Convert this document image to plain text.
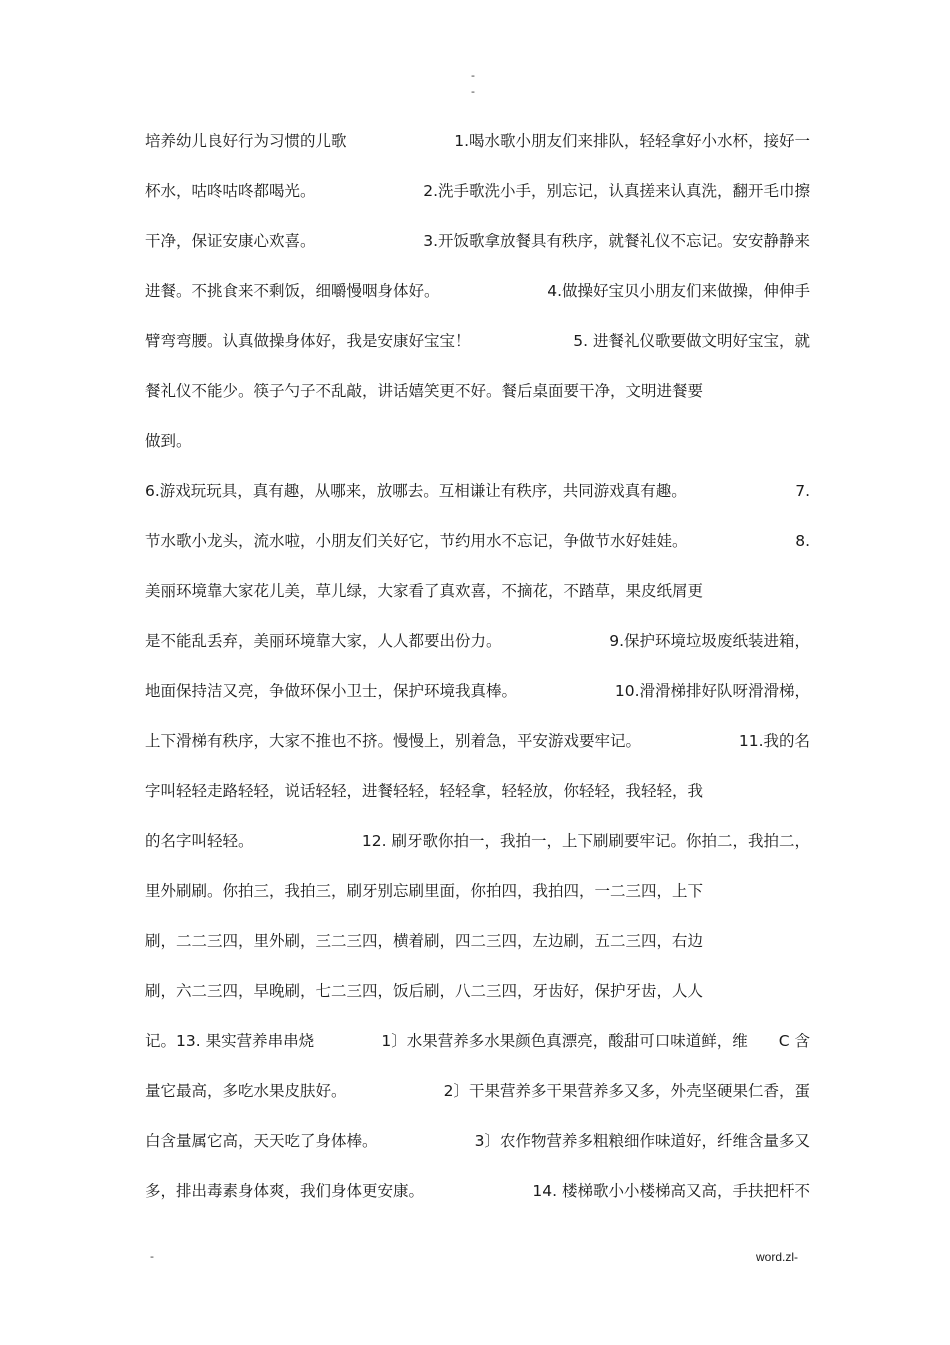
-
-
培养幼儿良好行为习惯的儿歌	1.喝水歌小朋友们来排队，轻轻拿好小水杯，接好一
杯水，咕咚咕咚都喝光。	2.洗手歌洗小手，别忘记，认真搓来认真洗，翻开毛巾擦
干净，保证安康心欢喜。	3.开饭歌拿放餐具有秩序，就餐礼仪不忘记。安安静静来
进餐。不挑食来不剩饭，细嚼慢咽身体好。	4.做操好宝贝小朋友们来做操，伸伸手
臂弯弯腰。认真做操身体好，我是安康好宝宝！	5. 进餐礼仪歌要做文明好宝宝，就
餐礼仪不能少。筷子勺子不乱敲，讲话嬉笑更不好。餐后桌面要干净，文明进餐要
做到。
6.游戏玩玩具，真有趣，从哪来，放哪去。互相谦让有秩序，共同游戏真有趣。	7.
节水歌小龙头，流水啦，小朋友们关好它，节约用水不忘记，争做节水好娃娃。	8.
美丽环境靠大家花儿美，草儿绿，大家看了真欢喜，不摘花，不踏草，果皮纸屑更
是不能乱丢弃，美丽环境靠大家，人人都要出份力。	9.保护环境垃圾废纸装进箱，
地面保持洁又亮，争做环保小卫士，保护环境我真棒。	10.滑滑梯排好队呀滑滑梯，
上下滑梯有秩序，大家不推也不挤。慢慢上，别着急，平安游戏要牢记。	11.我的名
字叫轻轻走路轻轻，说话轻轻，进餐轻轻，轻轻拿，轻轻放，你轻轻，我轻轻，我
的名字叫轻轻。	12. 刷牙歌你拍一，我拍一，上下刷刷要牢记。你拍二，我拍二，
里外刷刷。你拍三，我拍三，刷牙别忘刷里面，你拍四，我拍四，一二三四，上下
刷，二二三四，里外刷，三二三四，横着刷，四二三四，左边刷，五二三四，右边
刷，六二三四，早晚刷，七二三四，饭后刷，八二三四，牙齿好，保护牙齿，人人
记。13. 果实营养串串烧	1〕水果营养多水果颜色真漂亮，酸甜可口味道鲜，维　　C 含
量它最高，多吃水果皮肤好。	2〕干果营养多干果营养多又多，外壳坚硬果仁香，蛋
白含量属它高，天天吃了身体棒。	3〕农作物营养多粗粮细作味道好，纤维含量多又
多，排出毒素身体爽，我们身体更安康。	14. 楼梯歌小小楼梯高又高，手扶把杆不
-	word.zl-
